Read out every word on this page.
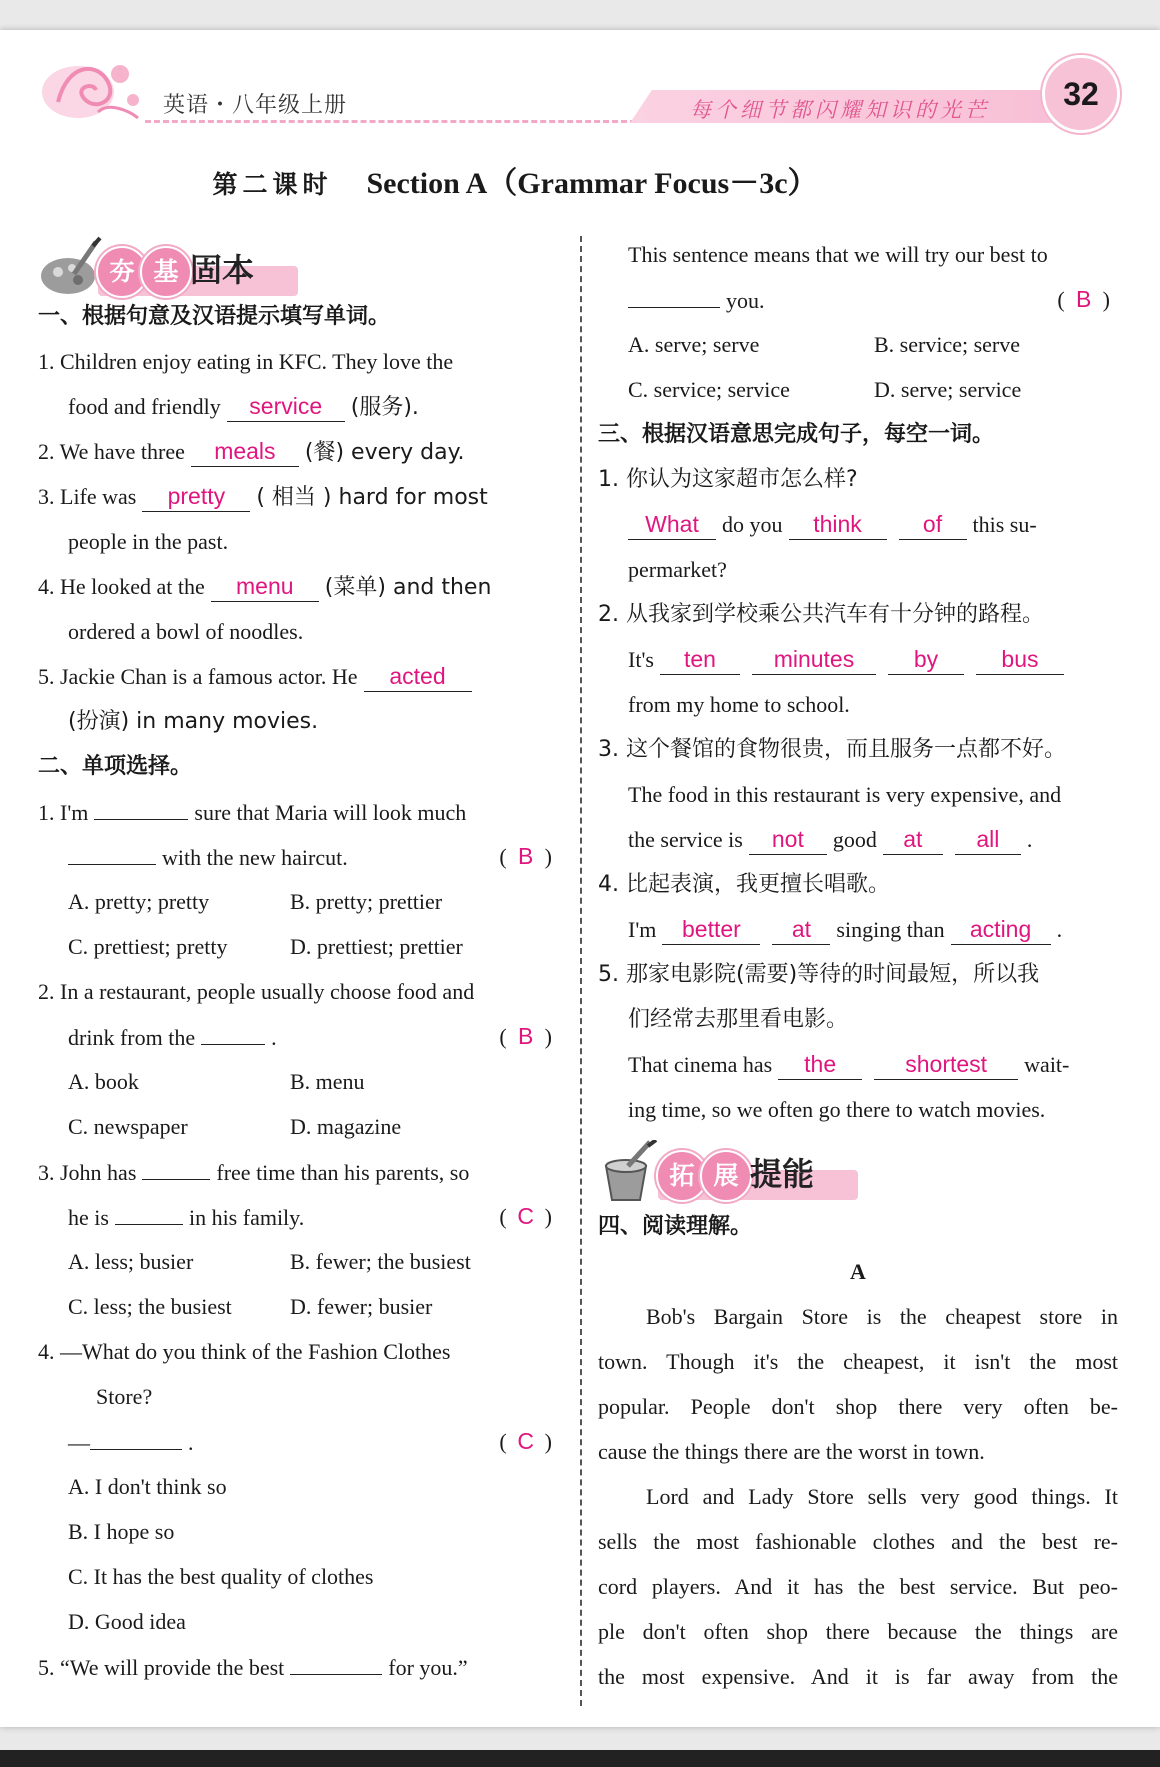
英语・八年级上册	每个细节都闪耀知识的光芒	32
第二课时 Section A（Grammar Focus－3c）
夯 基 固本
一、根据句意及汉语提示填写单词。
1. Children enjoy eating in KFC. They love the
food and friendly service (服务).
2. We have three meals (餐) every day.
3. Life was pretty ( 相当 ) hard for most
people in the past.
4. He looked at the menu (菜单) and then
ordered a bowl of noodles.
5. Jackie Chan is a famous actor. He acted
(扮演) in many movies.
二、单项选择。
1. I'm	sure that Maria will look much
with the new haircut.	( B )
A. pretty; pretty	B. pretty; prettier
C. prettiest; pretty	D. prettiest; prettier
2. In a restaurant, people usually choose food and
drink from the	.	( B )
A. book	B. menu
C. newspaper	D. magazine
3. John has	free time than his parents, so
he is	in his family.	( C )
A. less; busier	B. fewer; the busiest
C. less; the busiest	D. fewer; busier
4. —What do you think of the Fashion Clothes
Store?
—	.	( C )
A. I don't think so
B. I hope so
C. It has the best quality of clothes
D. Good idea
5. “We will provide the best	for you.”
This sentence means that we will try our best to
you.	( B )
A. serve; serve	B. service; serve
C. service; service	D. serve; service
三、根据汉语意思完成句子，每空一词。
1. 你认为这家超市怎么样?
What do you think	of this su-
permarket?
2. 从我家到学校乘公共汽车有十分钟的路程。
It's ten	minutes	by	bus
from my home to school.
3. 这个餐馆的食物很贵，而且服务一点都不好。
The food in this restaurant is very expensive, and
the service is not good at all .
4. 比起表演，我更擅长唱歌。
I'm better at singing than acting .
5. 那家电影院(需要)等待的时间最短，所以我
们经常去那里看电影。
That cinema has the	shortest wait-
ing time, so we often go there to watch movies.
拓 展 提能
四、阅读理解。
A
Bob's Bargain Store is the cheapest store in
town. Though it's the cheapest, it isn't the most
popular. People don't shop there very often be-
cause the things there are the worst in town.
Lord and Lady Store sells very good things. It
sells the most fashionable clothes and the best re-
cord players. And it has the best service. But peo-
ple don't often shop there because the things are
the most expensive. And it is far away from the
